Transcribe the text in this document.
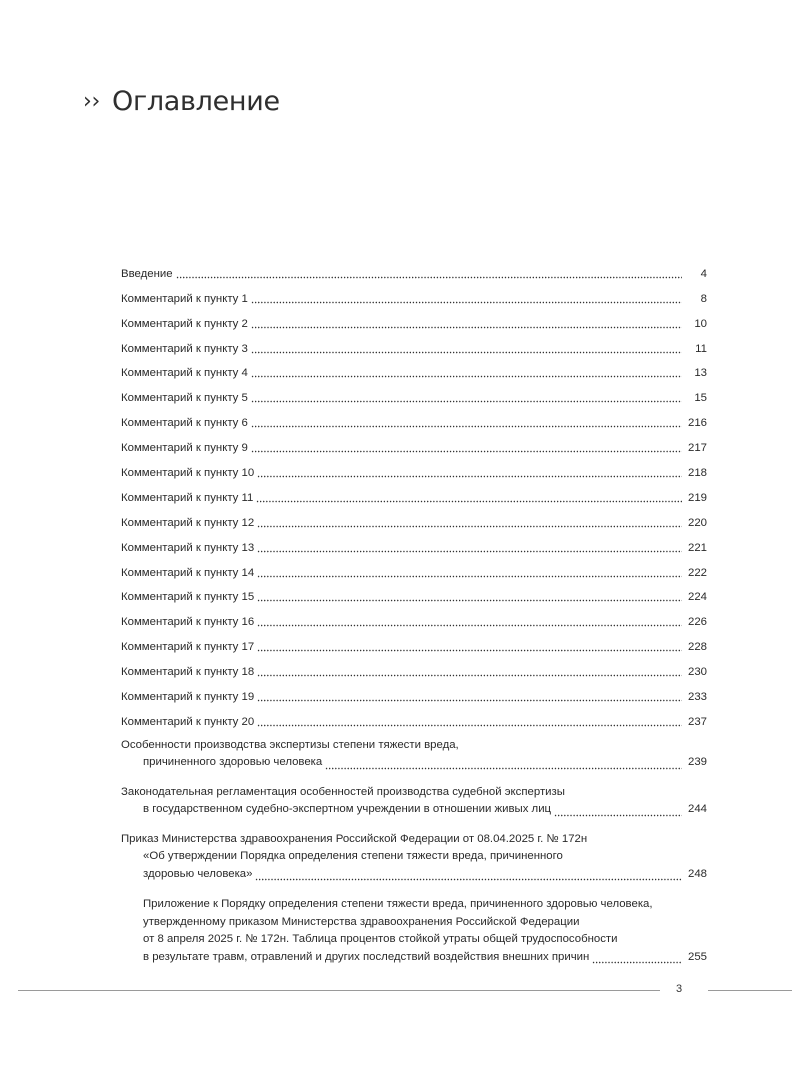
›› Оглавление
Введение	4
Комментарий к пункту 1	8
Комментарий к пункту 2	10
Комментарий к пункту 3	11
Комментарий к пункту 4	13
Комментарий к пункту 5	15
Комментарий к пункту 6	216
Комментарий к пункту 9	217
Комментарий к пункту 10	218
Комментарий к пункту 11	219
Комментарий к пункту 12	220
Комментарий к пункту 13	221
Комментарий к пункту 14	222
Комментарий к пункту 15	224
Комментарий к пункту 16	226
Комментарий к пункту 17	228
Комментарий к пункту 18	230
Комментарий к пункту 19	233
Комментарий к пункту 20	237
Особенности производства экспертизы степени тяжести вреда,
причиненного здоровью человека	239
Законодательная регламентация особенностей производства судебной экспертизы
в государственном судебно-экспертном учреждении в отношении живых лиц	244
Приказ Министерства здравоохранения Российской Федерации от 08.04.2025 г. № 172н
«Об утверждении Порядка определения степени тяжести вреда, причиненного
здоровью человека»	248
Приложение к Порядку определения степени тяжести вреда, причиненного здоровью человека,
утвержденному приказом Министерства здравоохранения Российской Федерации
от 8 апреля 2025 г. № 172н. Таблица процентов стойкой утраты общей трудоспособности
в результате травм, отравлений и других последствий воздействия внешних причин	255
3
